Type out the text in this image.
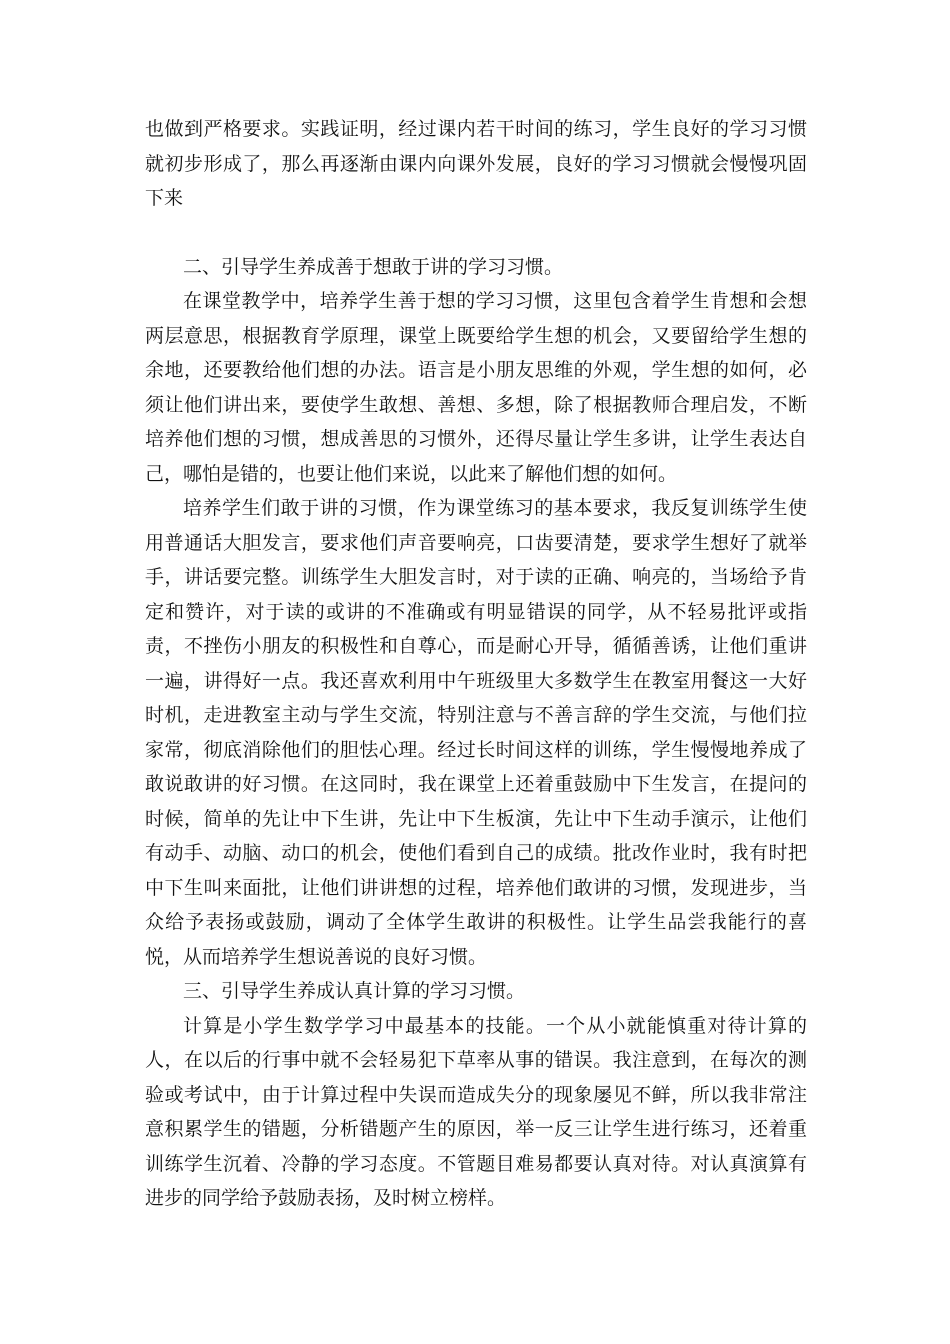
也做到严格要求。实践证明，经过课内若干时间的练习，学生良好的学习习惯就初步形成了，那么再逐渐由课内向课外发展，良好的学习习惯就会慢慢巩固下来

二、引导学生养成善于想敢于讲的学习习惯。

在课堂教学中，培养学生善于想的学习习惯，这里包含着学生肯想和会想两层意思，根据教育学原理，课堂上既要给学生想的机会，又要留给学生想的余地，还要教给他们想的办法。语言是小朋友思维的外观，学生想的如何，必须让他们讲出来，要使学生敢想、善想、多想，除了根据教师合理启发，不断培养他们想的习惯，想成善思的习惯外，还得尽量让学生多讲，让学生表达自己，哪怕是错的，也要让他们来说，以此来了解他们想的如何。

培养学生们敢于讲的习惯，作为课堂练习的基本要求，我反复训练学生使用普通话大胆发言，要求他们声音要响亮，口齿要清楚，要求学生想好了就举手，讲话要完整。训练学生大胆发言时，对于读的正确、响亮的，当场给予肯定和赞许，对于读的或讲的不准确或有明显错误的同学，从不轻易批评或指责，不挫伤小朋友的积极性和自尊心，而是耐心开导，循循善诱，让他们重讲一遍，讲得好一点。我还喜欢利用中午班级里大多数学生在教室用餐这一大好时机，走进教室主动与学生交流，特别注意与不善言辞的学生交流，与他们拉家常，彻底消除他们的胆怯心理。经过长时间这样的训练，学生慢慢地养成了敢说敢讲的好习惯。在这同时，我在课堂上还着重鼓励中下生发言，在提问的时候，简单的先让中下生讲，先让中下生板演，先让中下生动手演示，让他们有动手、动脑、动口的机会，使他们看到自己的成绩。批改作业时，我有时把中下生叫来面批，让他们讲讲想的过程，培养他们敢讲的习惯，发现进步，当众给予表扬或鼓励，调动了全体学生敢讲的积极性。让学生品尝我能行的喜悦，从而培养学生想说善说的良好习惯。

三、引导学生养成认真计算的学习习惯。

计算是小学生数学学习中最基本的技能。一个从小就能慎重对待计算的人，在以后的行事中就不会轻易犯下草率从事的错误。我注意到，在每次的测验或考试中，由于计算过程中失误而造成失分的现象屡见不鲜，所以我非常注意积累学生的错题，分析错题产生的原因，举一反三让学生进行练习，还着重训练学生沉着、冷静的学习态度。不管题目难易都要认真对待。对认真演算有进步的同学给予鼓励表扬，及时树立榜样。
